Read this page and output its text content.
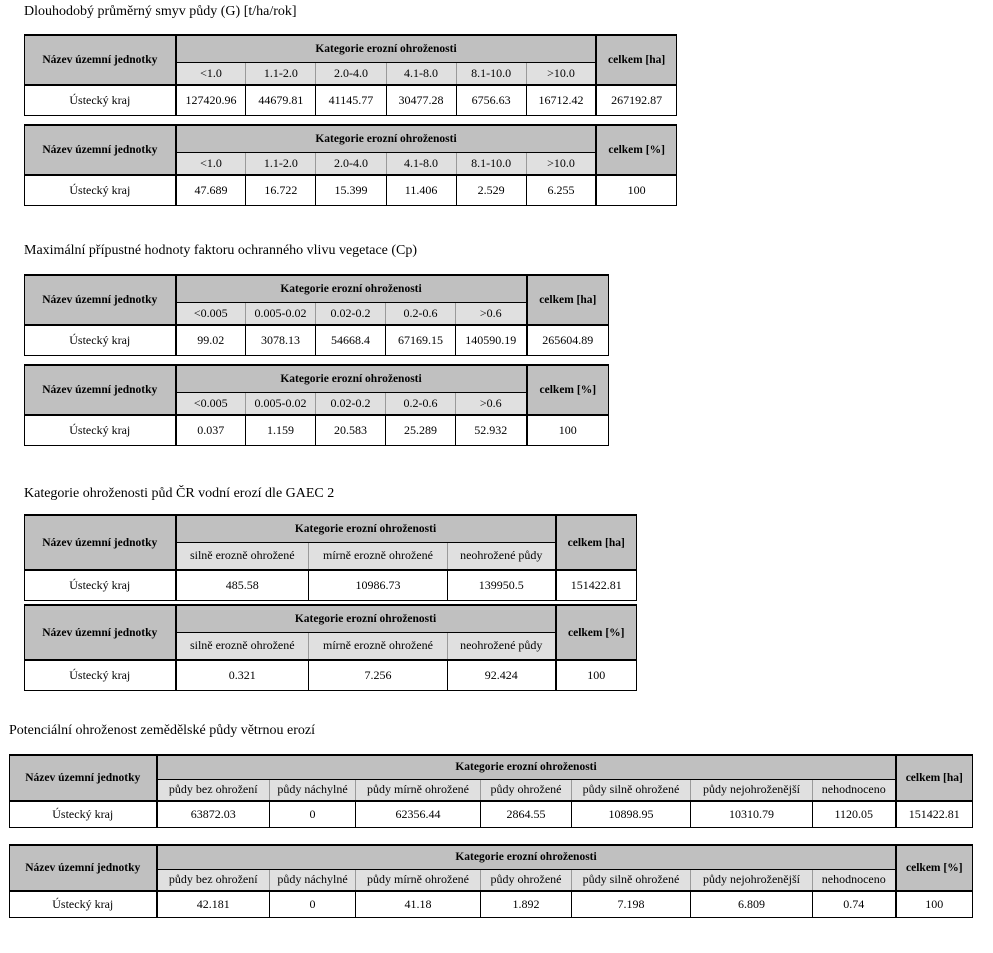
Dlouhodobý průměrný smyv půdy (G) [t/ha/rok]
Název územní jednotky	Kategorie erozní ohroženosti						celkem [ha]
	<1.0	1.1-2.0	2.0-4.0	4.1-8.0	8.1-10.0	>10.0	
Ústecký kraj	127420.96	44679.81	41145.77	30477.28	6756.63	16712.42	267192.87
Název územní jednotky	Kategorie erozní ohroženosti						celkem [%]
	<1.0	1.1-2.0	2.0-4.0	4.1-8.0	8.1-10.0	>10.0	
Ústecký kraj	47.689	16.722	15.399	11.406	2.529	6.255	100
Maximální přípustné hodnoty faktoru ochranného vlivu vegetace (Cp)
Název územní jednotky	Kategorie erozní ohroženosti					celkem [ha]
	<0.005	0.005-0.02	0.02-0.2	0.2-0.6	>0.6	
Ústecký kraj	99.02	3078.13	54668.4	67169.15	140590.19	265604.89
Název územní jednotky	Kategorie erozní ohroženosti					celkem [%]
	<0.005	0.005-0.02	0.02-0.2	0.2-0.6	>0.6	
Ústecký kraj	0.037	1.159	20.583	25.289	52.932	100
Kategorie ohroženosti půd ČR vodní erozí dle GAEC 2
Název územní jednotky	Kategorie erozní ohroženosti			celkem [ha]
	silně erozně ohrožené	mírně erozně ohrožené	neohrožené půdy	
Ústecký kraj	485.58	10986.73	139950.5	151422.81
Název územní jednotky	Kategorie erozní ohroženosti			celkem [%]
	silně erozně ohrožené	mírně erozně ohrožené	neohrožené půdy	
Ústecký kraj	0.321	7.256	92.424	100
Potenciální ohroženost zemědělské půdy větrnou erozí
Název územní jednotky	Kategorie erozní ohroženosti							celkem [ha]
	půdy bez ohrožení	půdy náchylné	půdy mírně ohrožené	půdy ohrožené	půdy silně ohrožené	půdy nejohroženější	nehodnoceno	
Ústecký kraj	63872.03	0	62356.44	2864.55	10898.95	10310.79	1120.05	151422.81
Název územní jednotky	Kategorie erozní ohroženosti							celkem [%]
	půdy bez ohrožení	půdy náchylné	půdy mírně ohrožené	půdy ohrožené	půdy silně ohrožené	půdy nejohroženější	nehodnoceno	
Ústecký kraj	42.181	0	41.18	1.892	7.198	6.809	0.74	100
